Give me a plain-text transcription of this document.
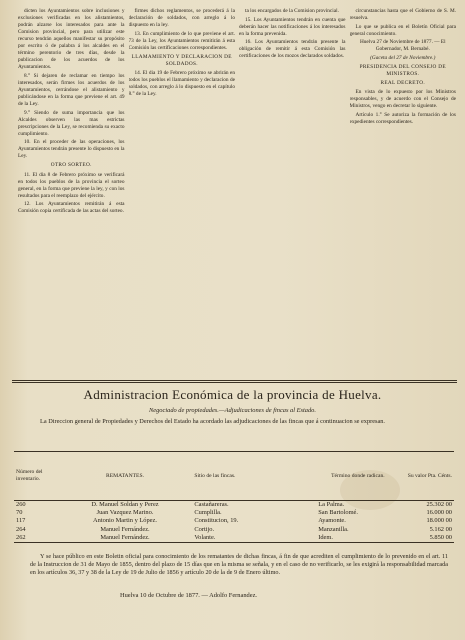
dicten los Ayuntamientos sobre inclusiones y exclusiones verificadas en los alistamientos, podrán alzarse los interesados para ante la Comision provincial, pero para utilizar este recurso tendrán aquellos manifestar su propósito por escrito ó de palabra á los alcaldes en el término perentorio de tres días, desde la publicacion de los acuerdos de los Ayuntamientos.

8.° Si dejaren de reclamar en tiempo los interesados, serán firmes los acuerdos de los Ayuntamientos, cerrándose el alistamiento y publicándose en la forma que previene el art. 49 de la Ley.

9.° Siendo de suma importancia que los Alcaldes observen las mas estrictas prescripciones de la Ley, se recomienda su exacto cumplimiento.

10. En el proceder de las operaciones, los Ayuntamientos tendrán presente lo dispuesto en la Ley.

OTRO SORTEO.

11. El dia 8 de Febrero próximo se verificará en todos los pueblos de la provincia el sorteo general, en la forma que previene la ley, y con los resultados para el reemplazo del ejército.

12. Los Ayuntamientos remitirán á esta Comisión copia certificada de las actas del sorteo.

firmes dichos reglamentos, se procederá á la declaración de soldados, con arreglo á lo dispuesto en la ley.

13. En cumplimiento de lo que previene el art. 73 de la Ley, los Ayuntamientos remitirán á esta Comisión las certificaciones correspondientes.

LLAMAMIENTO Y DECLARACION DE SOLDADOS.

14. El dia 19 de Febrero próximo se abrirán en todos los pueblos el llamamiento y declaracion de soldados, con arreglo á lo dispuesto en el capítulo 8.° de la Ley.

ta los encargados de la Comision provincial.

15. Los Ayuntamientos tendrán en cuenta que deberán hacer las notificaciones á los interesados en la forma prevenida.

16. Los Ayuntamientos tendrán presente la obligación de remitir á esta Comisión las certificaciones de los mozos declarados soldados.

circunstancias hasta que el Gobierno de S. M. resuelva.

Lo que se publica en el Boletín Oficial para general conocimiento.

Huelva 27 de Noviembre de 1877. — El Gobernador, M. Bernabé.

(Gaceta del 27 de Noviembre.)

PRESIDENCIA DEL CONSEJO DE MINISTROS.

REAL DECRETO.

En vista de lo expuesto por los Ministros responsables, y de acuerdo con el Consejo de Ministros, vengo en decretar lo siguiente.

Artículo 1.° Se autoriza la formación de los expedientes correspondientes.

Administracion Económica de la provincia de Huelva.
Negociado de propiedades.—Adjudicaciones de fincas al Estado.
La Direccion general de Propiedades y Derechos del Estado ha acordado las adjudicaciones de las fincas que á continuacion se expresan.
Número del inventario.
REMATANTES.	Sitio de las fincas.	Término donde radican.	Su valor Pta. Cénts.
260	D. Manuel Soldan y Perez	Castañareras.	La Palma.	25.302 00
70	Juan Vazquez Marino.	Cumplilla.	San Bartolomé.	16.000 00
117	Antonio Martin y López.	Constitucion, 19.	Ayamonte.	18.000 00
264	Manuel Fernández.	Cortijo.	Manzanilla.	5.162 00
262	Manuel Fernández.	Volante.	Idem.	5.850 00
Y se hace público en este Boletin oficial para conocimiento de los rematantes de dichas fincas, á fin de que acrediten el cumplimiento de lo prevenido en el art. 11 de la Instruccion de 31 de Mayo de 1855, dentro del plazo de 15 días que en la misma se señala, y en el caso de no verificarlo, se les exigirá la responsabilidad marcada en los artículos 36, 37 y 38 de la Ley de 19 de Julio de 1856 y artículo 20 de la de 9 de Enero último.
Huelva 10 de Octubre de 1877. — Adolfo Fernandez.
